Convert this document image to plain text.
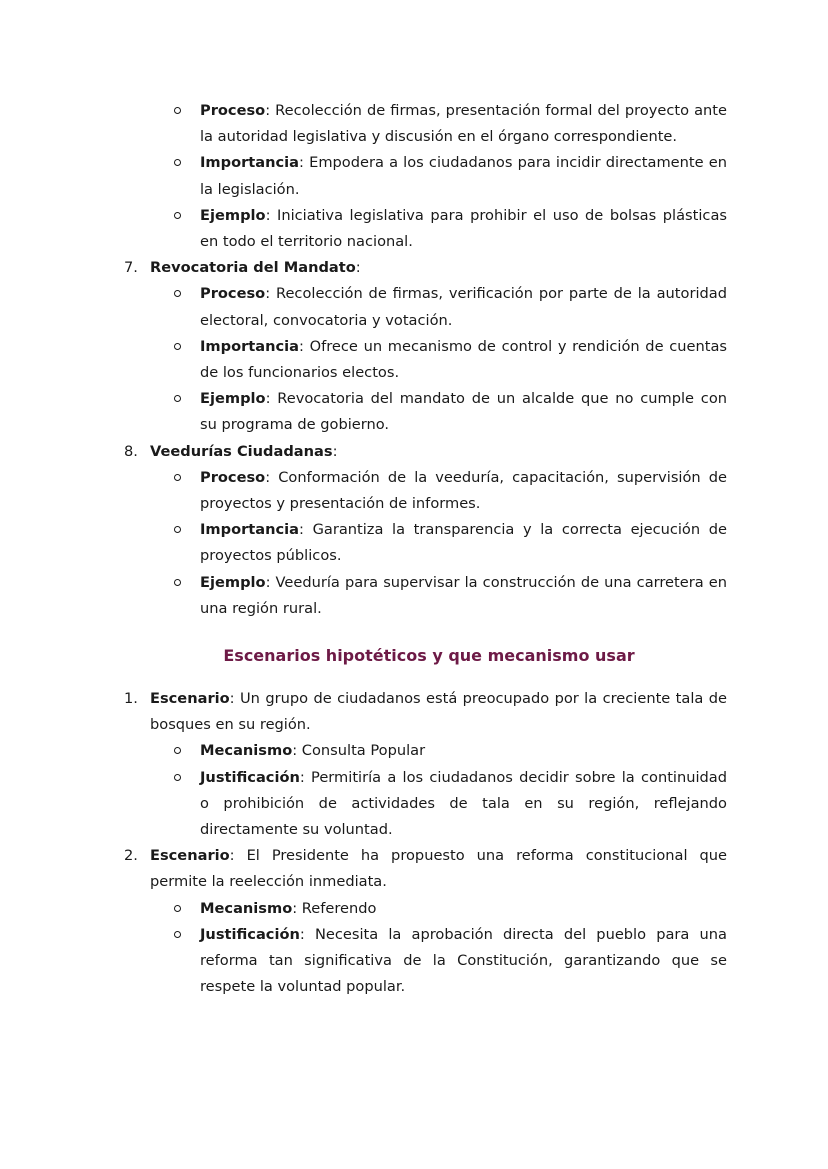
Proceso: Recolección de firmas, presentación formal del proyecto ante la autoridad legislativa y discusión en el órgano correspondiente.
Importancia: Empodera a los ciudadanos para incidir directamente en la legislación.
Ejemplo: Iniciativa legislativa para prohibir el uso de bolsas plásticas en todo el territorio nacional.
7. Revocatoria del Mandato:
Proceso: Recolección de firmas, verificación por parte de la autoridad electoral, convocatoria y votación.
Importancia: Ofrece un mecanismo de control y rendición de cuentas de los funcionarios electos.
Ejemplo: Revocatoria del mandato de un alcalde que no cumple con su programa de gobierno.
8. Veedurías Ciudadanas:
Proceso: Conformación de la veeduría, capacitación, supervisión de proyectos y presentación de informes.
Importancia: Garantiza la transparencia y la correcta ejecución de proyectos públicos.
Ejemplo: Veeduría para supervisar la construcción de una carretera en una región rural.
Escenarios hipotéticos y que mecanismo usar
1. Escenario: Un grupo de ciudadanos está preocupado por la creciente tala de bosques en su región.
Mecanismo: Consulta Popular
Justificación: Permitiría a los ciudadanos decidir sobre la continuidad o prohibición de actividades de tala en su región, reflejando directamente su voluntad.
2. Escenario: El Presidente ha propuesto una reforma constitucional que permite la reelección inmediata.
Mecanismo: Referendo
Justificación: Necesita la aprobación directa del pueblo para una reforma tan significativa de la Constitución, garantizando que se respete la voluntad popular.
